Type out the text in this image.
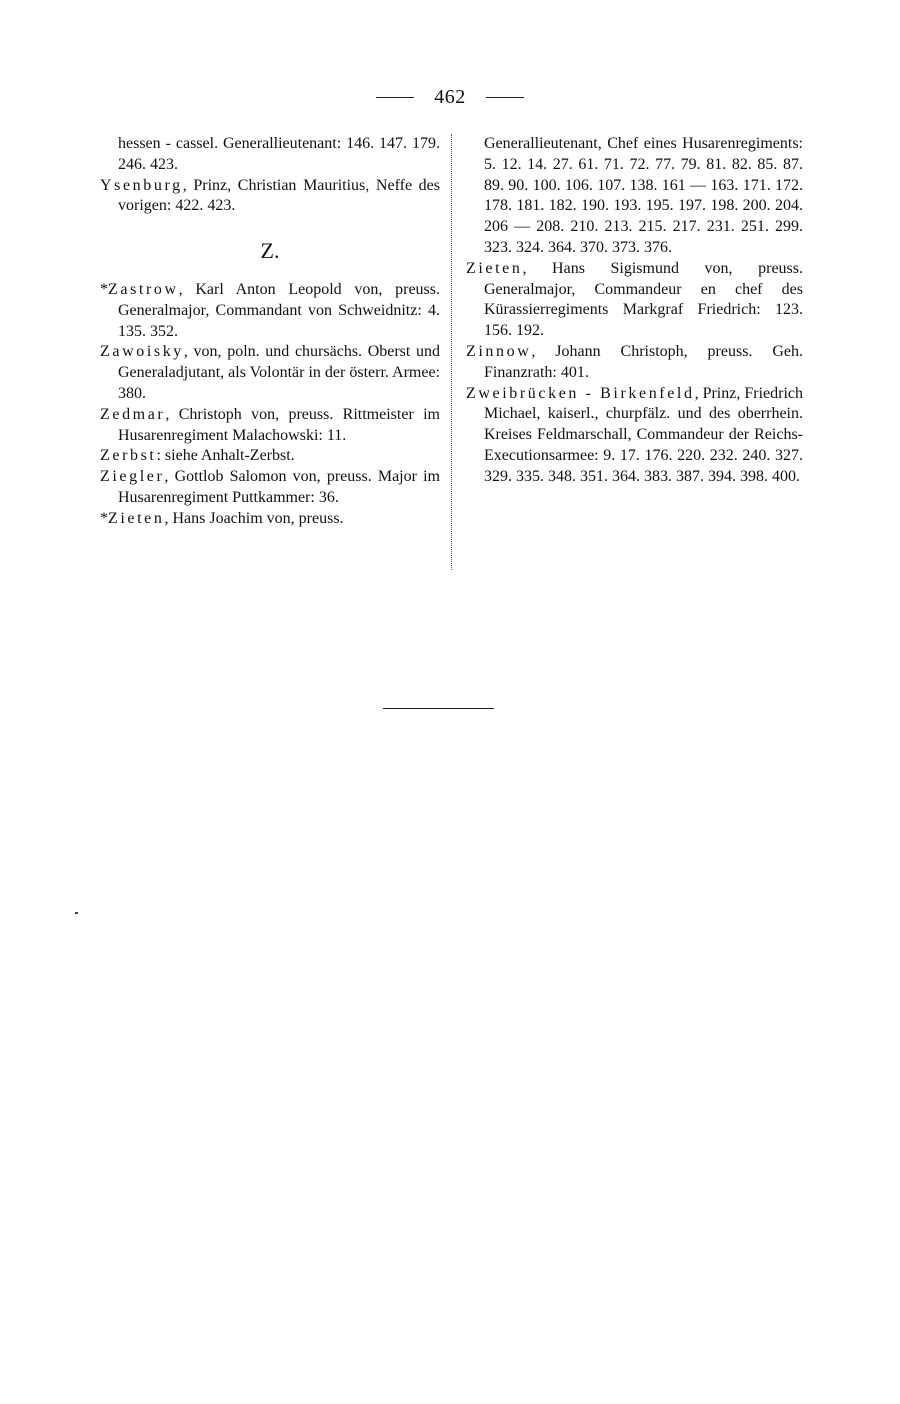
462
hessen - cassel. Generallieutenant: 146. 147. 179. 246. 423.
Ysenburg, Prinz, Christian Mauritius, Neffe des vorigen: 422. 423.
Z.
*Zastrow, Karl Anton Leopold von, preuss. Generalmajor, Commandant von Schweidnitz: 4. 135. 352.
Zawoisky, von, poln. und chursächs. Oberst und Generaladjutant, als Volontär in der österr. Armee: 380.
Zedmar, Christoph von, preuss. Rittmeister im Husarenregiment Malachowski: 11.
Zerbst: siehe Anhalt-Zerbst.
Ziegler, Gottlob Salomon von, preuss. Major im Husarenregiment Puttkammer: 36.
*Zieten, Hans Joachim von, preuss.
Generallieutenant, Chef eines Husarenregiments: 5. 12. 14. 27. 61. 71. 72. 77. 79. 81. 82. 85. 87. 89. 90. 100. 106. 107. 138. 161 — 163. 171. 172. 178. 181. 182. 190. 193. 195. 197. 198. 200. 204. 206 — 208. 210. 213. 215. 217. 231. 251. 299. 323. 324. 364. 370. 373. 376.
Zieten, Hans Sigismund von, preuss. Generalmajor, Commandeur en chef des Kürassierregiments Markgraf Friedrich: 123. 156. 192.
Zinnow, Johann Christoph, preuss. Geh. Finanzrath: 401.
Zweibrücken - Birkenfeld, Prinz, Friedrich Michael, kaiserl., churpfälz. und des oberrhein. Kreises Feldmarschall, Commandeur der Reichs-Executionsarmee: 9. 17. 176. 220. 232. 240. 327. 329. 335. 348. 351. 364. 383. 387. 394. 398. 400.
